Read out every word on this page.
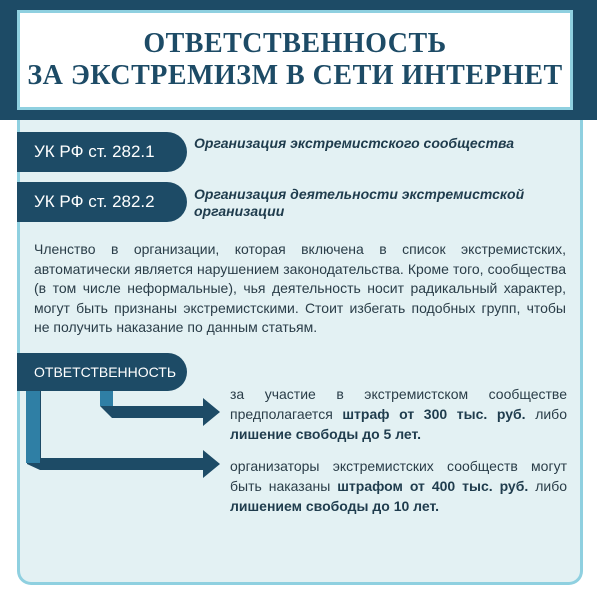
ОТВЕТСТВЕННОСТЬ
ЗА ЭКСТРЕМИЗМ В СЕТИ ИНТЕРНЕТ
УК РФ ст. 282.1	Организация экстремистского сообщества
УК РФ ст. 282.2	Организация деятельности экстремистской организации
Членство в организации, которая включена в список экстремистских, автоматически является нарушением законодательства. Кроме того, сообщества (в том числе неформальные), чья деятельность носит радикальный характер, могут быть признаны экстремистскими. Стоит избегать подобных групп, чтобы не получить наказание по данным статьям.
ОТВЕТСТВЕННОСТЬ
за участие в экстремистском сообществе предполагается штраф от 300 тыс. руб. либо лишение свободы до 5 лет.
организаторы экстремистских сообществ могут быть наказаны штрафом от 400 тыс. руб. либо лишением свободы до 10 лет.
